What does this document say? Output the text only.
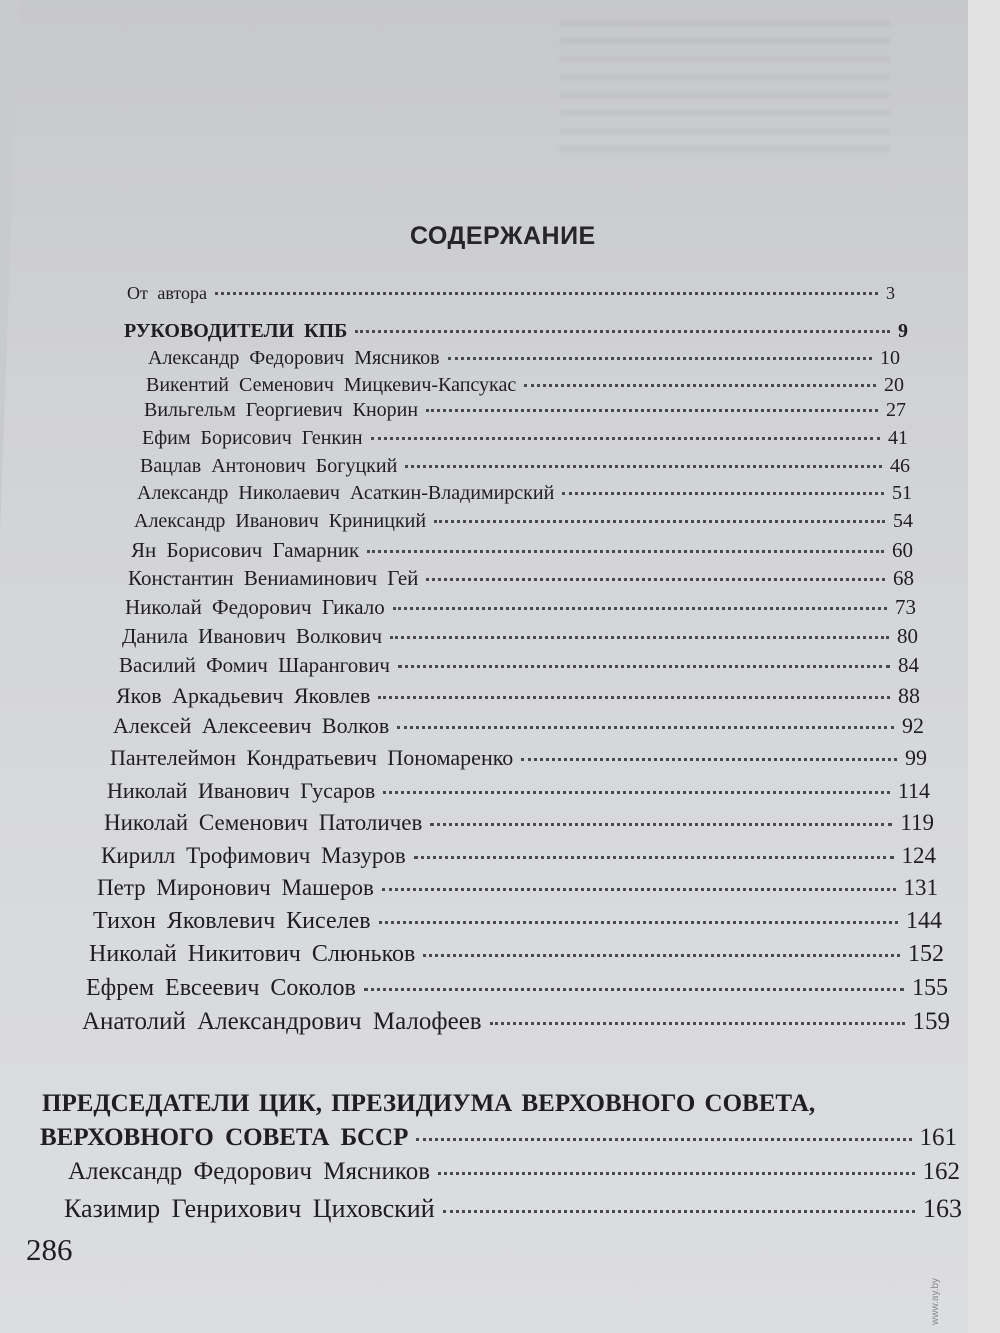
СОДЕРЖАНИЕ
От автора	3
РУКОВОДИТЕЛИ КПБ	9
Александр Федорович Мясников	10
Викентий Семенович Мицкевич-Капсукас	20
Вильгельм Георгиевич Кнорин	27
Ефим Борисович Генкин	41
Вацлав Антонович Богуцкий	46
Александр Николаевич Асаткин-Владимирский	51
Александр Иванович Криницкий	54
Ян Борисович Гамарник	60
Константин Вениаминович Гей	68
Николай Федорович Гикало	73
Данила Иванович Волкович	80
Василий Фомич Шарангович	84
Яков Аркадьевич Яковлев	88
Алексей Алексеевич Волков	92
Пантелеймон Кондратьевич Пономаренко	99
Николай Иванович Гусаров	114
Николай Семенович Патоличев	119
Кирилл Трофимович Мазуров	124
Петр Миронович Машеров	131
Тихон Яковлевич Киселев	144
Николай Никитович Слюньков	152
Ефрем Евсеевич Соколов	155
Анатолий Александрович Малофеев	159
ПРЕДСЕДАТЕЛИ ЦИК, ПРЕЗИДИУМА ВЕРХОВНОГО СОВЕТА,
ВЕРХОВНОГО СОВЕТА БССР	161
Александр Федорович Мясников	162
Казимир Генрихович Циховский	163
286
www.ay.by
